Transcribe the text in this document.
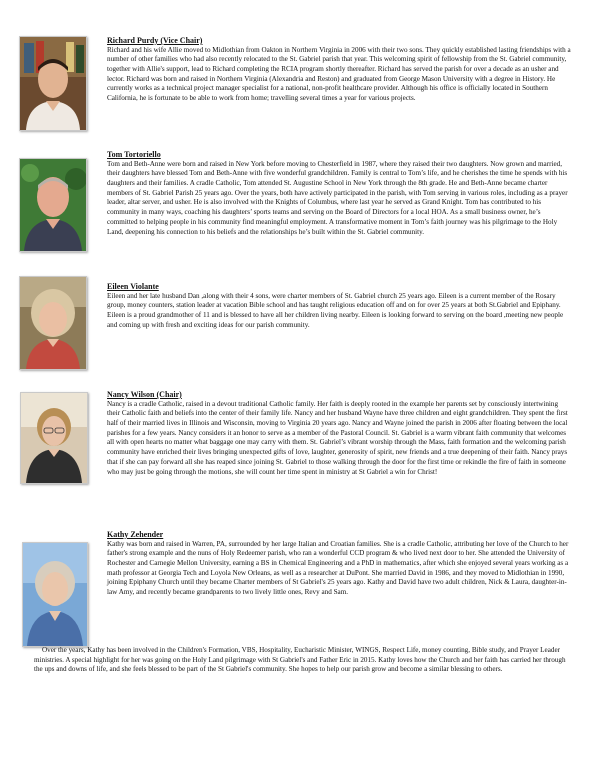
Richard Purdy (Vice Chair)

Richard and his wife Allie moved to Midlothian from Oakton in Northern Virginia in 2006 with their two sons. They quickly established lasting friendships with a number of other families who had also recently relocated to the St. Gabriel parish that year. This welcoming spirit of fellowship from the St. Gabriel community, together with Allie's support, lead to Richard completing the RCIA program shortly thereafter. Richard has served the parish for over a decade as an usher and lector. Richard was born and raised in Northern Virginia (Alexandria and Reston) and graduated from George Mason University with a degree in History. He currently works as a technical project manager specialist for a national, non-profit healthcare provider. Although his office is officially located in Southern California, he is fortunate to be able to work from home; travelling several times a year for various projects.

Tom Tortoriello

Tom and Beth-Anne were born and raised in New York before moving to Chesterfield in 1987, where they raised their two daughters. Now grown and married, their daughters have blessed Tom and Beth-Anne with five wonderful grandchildren. Family is central to Tom’s life, and he cherishes the time he spends with his daughters and their families. A cradle Catholic, Tom attended St. Augustine School in New York through the 8th grade. He and Beth-Anne became charter members of St. Gabriel Parish 25 years ago. Over the years, both have actively participated in the parish, with Tom serving in various roles, including as a prayer leader, altar server, and usher. He is also involved with the Knights of Columbus, where last year he served as Grand Knight. Tom has contributed to his community in many ways, coaching his daughters’ sports teams and serving on the Board of Directors for a local HOA. As a small business owner, he’s committed to helping people in his community find meaningful employment. A transformative moment in Tom’s faith journey was his pilgrimage to the Holy Land, deepening his connection to his beliefs and the relationships he’s built within the St. Gabriel community.

Eileen Violante

Eileen and her late husband Dan ,along with their 4 sons, were charter members of St. Gabriel church 25 years ago. Eileen is a current member of the Rosary group, money counters, station leader at vacation Bible school and has taught religious education off and on for over 25 years at both St.Gabriel and Epiphany. Eileen is a proud grandmother of 11 and is blessed to have all her children living nearby. Eileen is looking forward to serving on the board ,meeting new people and coming up with fresh and exciting ideas for our parish community.

Nancy Wilson (Chair)

Nancy is a cradle Catholic, raised in a devout traditional Catholic family. Her faith is deeply rooted in the example her parents set by consciously intertwining their Catholic faith and beliefs into the center of their family life. Nancy and her husband Wayne have three children and eight grandchildren. They spent the first half of their married lives in Illinois and Wisconsin, moving to Virginia 20 years ago. Nancy and Wayne joined the parish in 2006 after floating between the local parishes for a few years. Nancy considers it an honor to serve as a member of the Pastoral Council. St. Gabriel is a warm vibrant faith community that welcomes all with open hearts no matter what baggage one may carry with them. St. Gabriel’s vibrant worship through the Mass, faith formation and the welcoming parish community have enriched their lives bringing unexpected gifts of love, laughter, generosity of spirit, new friends and a true deepening of their faith. Nancy prays that if she can pay forward all she has reaped since joining St. Gabriel to those walking through the door for the first time or rekindle the fire of faith in someone who may just be going through the motions, she will count her time spent in ministry at St Gabriel a win for Christ!

Kathy Zehender

Kathy was born and raised in Warren, PA, surrounded by her large Italian and Croatian families. She is a cradle Catholic, attributing her love of the Church to her father's strong example and the nuns of Holy Redeemer parish, who ran a wonderful CCD program & who lived next door to her. She attended the University of Rochester and Carnegie Mellon University, earning a BS in Chemical Engineering and a PhD in mathematics, after which she enjoyed several years working as a math professor at Georgia Tech and Loyola New Orleans, as well as a researcher at DuPont. She married David in 1986, and they moved to Midlothian in 1990, joining Epiphany Church until they became Charter members of St Gabriel's 25 years ago. Kathy and David have two adult children, Nick & Laura, daughter-in-law Amy, and recently became grandparents to two lively little ones, Revy and Sam.

Over the years, Kathy has been involved in the Children's Formation, VBS, Hospitality, Eucharistic Minister, WINGS, Respect Life, money counting, Bible study, and Prayer Leader ministries. A special highlight for her was going on the Holy Land pilgrimage with St Gabriel's and Father Eric in 2015. Kathy loves how the Church and her faith has carried her through the ups and downs of life, and she feels blessed to be part of the St Gabriel's community. She hopes to help our parish grow and become a similar blessing to others.
